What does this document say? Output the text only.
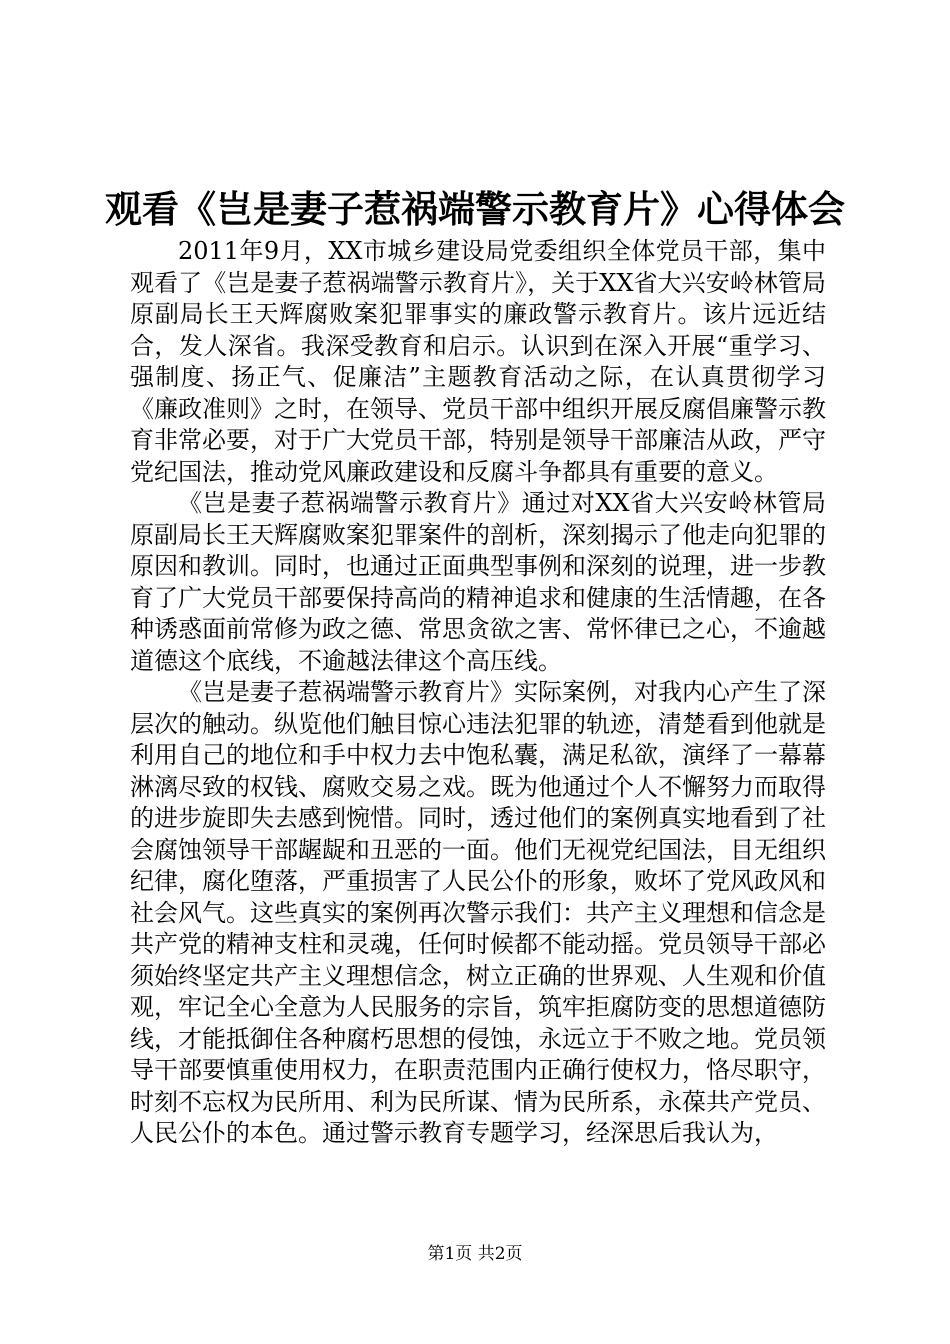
观看《岂是妻子惹祸端警示教育片》心得体会

2011年9月，XX市城乡建设局党委组织全体党员干部，集中观看了《岂是妻子惹祸端警示教育片》，关于XX省大兴安岭林管局原副局长王天辉腐败案犯罪事实的廉政警示教育片。该片远近结合，发人深省。我深受教育和启示。认识到在深入开展“重学习、强制度、扬正气、促廉洁”主题教育活动之际，在认真贯彻学习《廉政准则》之时，在领导、党员干部中组织开展反腐倡廉警示教育非常必要，对于广大党员干部，特别是领导干部廉洁从政，严守党纪国法，推动党风廉政建设和反腐斗争都具有重要的意义。

《岂是妻子惹祸端警示教育片》通过对XX省大兴安岭林管局原副局长王天辉腐败案犯罪案件的剖析，深刻揭示了他走向犯罪的原因和教训。同时，也通过正面典型事例和深刻的说理，进一步教育了广大党员干部要保持高尚的精神追求和健康的生活情趣，在各种诱惑面前常修为政之德、常思贪欲之害、常怀律已之心，不逾越道德这个底线，不逾越法律这个高压线。

《岂是妻子惹祸端警示教育片》实际案例，对我内心产生了深层次的触动。纵览他们触目惊心违法犯罪的轨迹，清楚看到他就是利用自己的地位和手中权力去中饱私囊，满足私欲，演绎了一幕幕淋漓尽致的权钱、腐败交易之戏。既为他通过个人不懈努力而取得的进步旋即失去感到惋惜。同时，透过他们的案例真实地看到了社会腐蚀领导干部龌龊和丑恶的一面。他们无视党纪国法，目无组织纪律，腐化堕落，严重损害了人民公仆的形象，败坏了党风政风和社会风气。这些真实的案例再次警示我们：共产主义理想和信念是共产党的精神支柱和灵魂，任何时候都不能动摇。党员领导干部必须始终坚定共产主义理想信念，树立正确的世界观、人生观和价值观，牢记全心全意为人民服务的宗旨，筑牢拒腐防变的思想道德防线，才能抵御住各种腐朽思想的侵蚀，永远立于不败之地。党员领导干部要慎重使用权力，在职责范围内正确行使权力，恪尽职守，时刻不忘权为民所用、利为民所谋、情为民所系，永葆共产党员、人民公仆的本色。通过警示教育专题学习，经深思后我认为，

第1页 共2页
